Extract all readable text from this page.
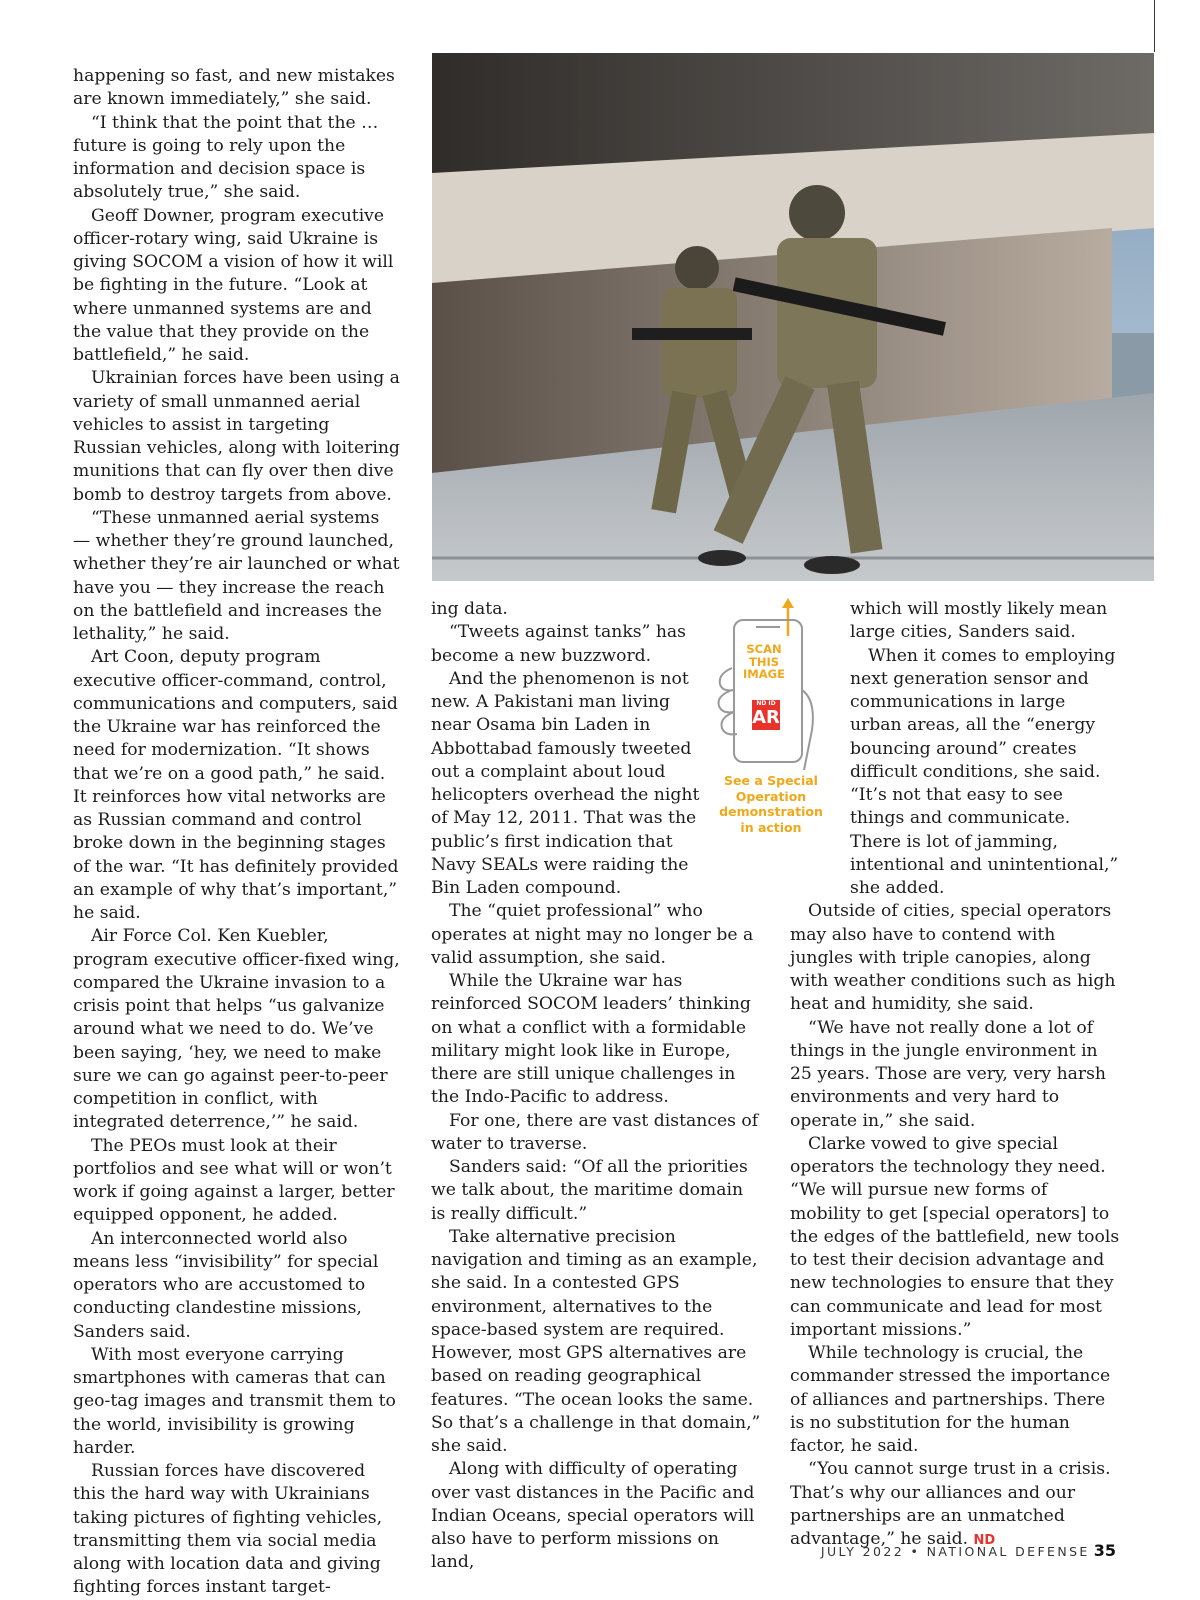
happening so fast, and new mistakes are known immediately,” she said.

“I think that the point that the … future is going to rely upon the information and decision space is absolutely true,” she said.

Geoff Downer, program executive officer-rotary wing, said Ukraine is giving SOCOM a vision of how it will be fighting in the future. “Look at where unmanned systems are and the value that they provide on the battlefield,” he said.

Ukrainian forces have been using a variety of small unmanned aerial vehicles to assist in targeting Russian vehicles, along with loitering munitions that can fly over then dive bomb to destroy targets from above.

“These unmanned aerial systems — whether they’re ground launched, whether they’re air launched or what have you — they increase the reach on the battlefield and increases the lethality,” he said.

Art Coon, deputy program executive officer-command, control, communications and computers, said the Ukraine war has reinforced the need for modernization. “It shows that we’re on a good path,” he said. It reinforces how vital networks are as Russian command and control broke down in the beginning stages of the war. “It has definitely provided an example of why that’s important,” he said.

Air Force Col. Ken Kuebler, program executive officer-fixed wing, compared the Ukraine invasion to a crisis point that helps “us galvanize around what we need to do. We’ve been saying, ‘hey, we need to make sure we can go against peer-to-peer competition in conflict, with integrated deterrence,’” he said.

The PEOs must look at their portfolios and see what will or won’t work if going against a larger, better equipped opponent, he added.

An interconnected world also means less “invisibility” for special operators who are accustomed to conducting clandestine missions, Sanders said.

With most everyone carrying smartphones with cameras that can geo-tag images and transmit them to the world, invisibility is growing harder.

Russian forces have discovered this the hard way with Ukrainians taking pictures of fighting vehicles, transmitting them via social media along with location data and giving fighting forces instant target-

ing data.

“Tweets against tanks” has become a new buzzword.

And the phenomenon is not new. A Pakistani man living near Osama bin Laden in Abbottabad famously tweeted out a complaint about loud helicopters overhead the night of May 12, 2011. That was the public’s first indication that Navy SEALs were raiding the Bin Laden compound.

The “quiet professional” who operates at night may no longer be a valid assumption, she said.

While the Ukraine war has reinforced SOCOM leaders’ thinking on what a conflict with a formidable military might look like in Europe, there are still unique challenges in the Indo-Pacific to address.

For one, there are vast distances of water to traverse.

Sanders said: “Of all the priorities we talk about, the maritime domain is really difficult.”

Take alternative precision navigation and timing as an example, she said. In a contested GPS environment, alternatives to the space-based system are required. However, most GPS alternatives are based on reading geographical features. “The ocean looks the same. So that’s a challenge in that domain,” she said.

Along with difficulty of operating over vast distances in the Pacific and Indian Oceans, special operators will also have to perform missions on land,

SCAN
THIS
IMAGE
ND ID
AR
See a Special
Operation
demonstration
in action

which will mostly likely mean large cities, Sanders said.

When it comes to employing next generation sensor and communications in large urban areas, all the “energy bouncing around” creates difficult conditions, she said. “It’s not that easy to see things and communicate. There is lot of jamming, intentional and unintentional,” she added.

Outside of cities, special operators may also have to contend with jungles with triple canopies, along with weather conditions such as high heat and humidity, she said.

“We have not really done a lot of things in the jungle environment in 25 years. Those are very, very harsh environments and very hard to operate in,” she said.

Clarke vowed to give special operators the technology they need. “We will pursue new forms of mobility to get [special operators] to the edges of the battlefield, new tools to test their decision advantage and new technologies to ensure that they can communicate and lead for most important missions.”

While technology is crucial, the commander stressed the importance of alliances and partnerships. There is no substitution for the human factor, he said.

“You cannot surge trust in a crisis. That’s why our alliances and our partnerships are an unmatched advantage,” he said. ND

JULY 2022 • NATIONAL DEFENSE 35
